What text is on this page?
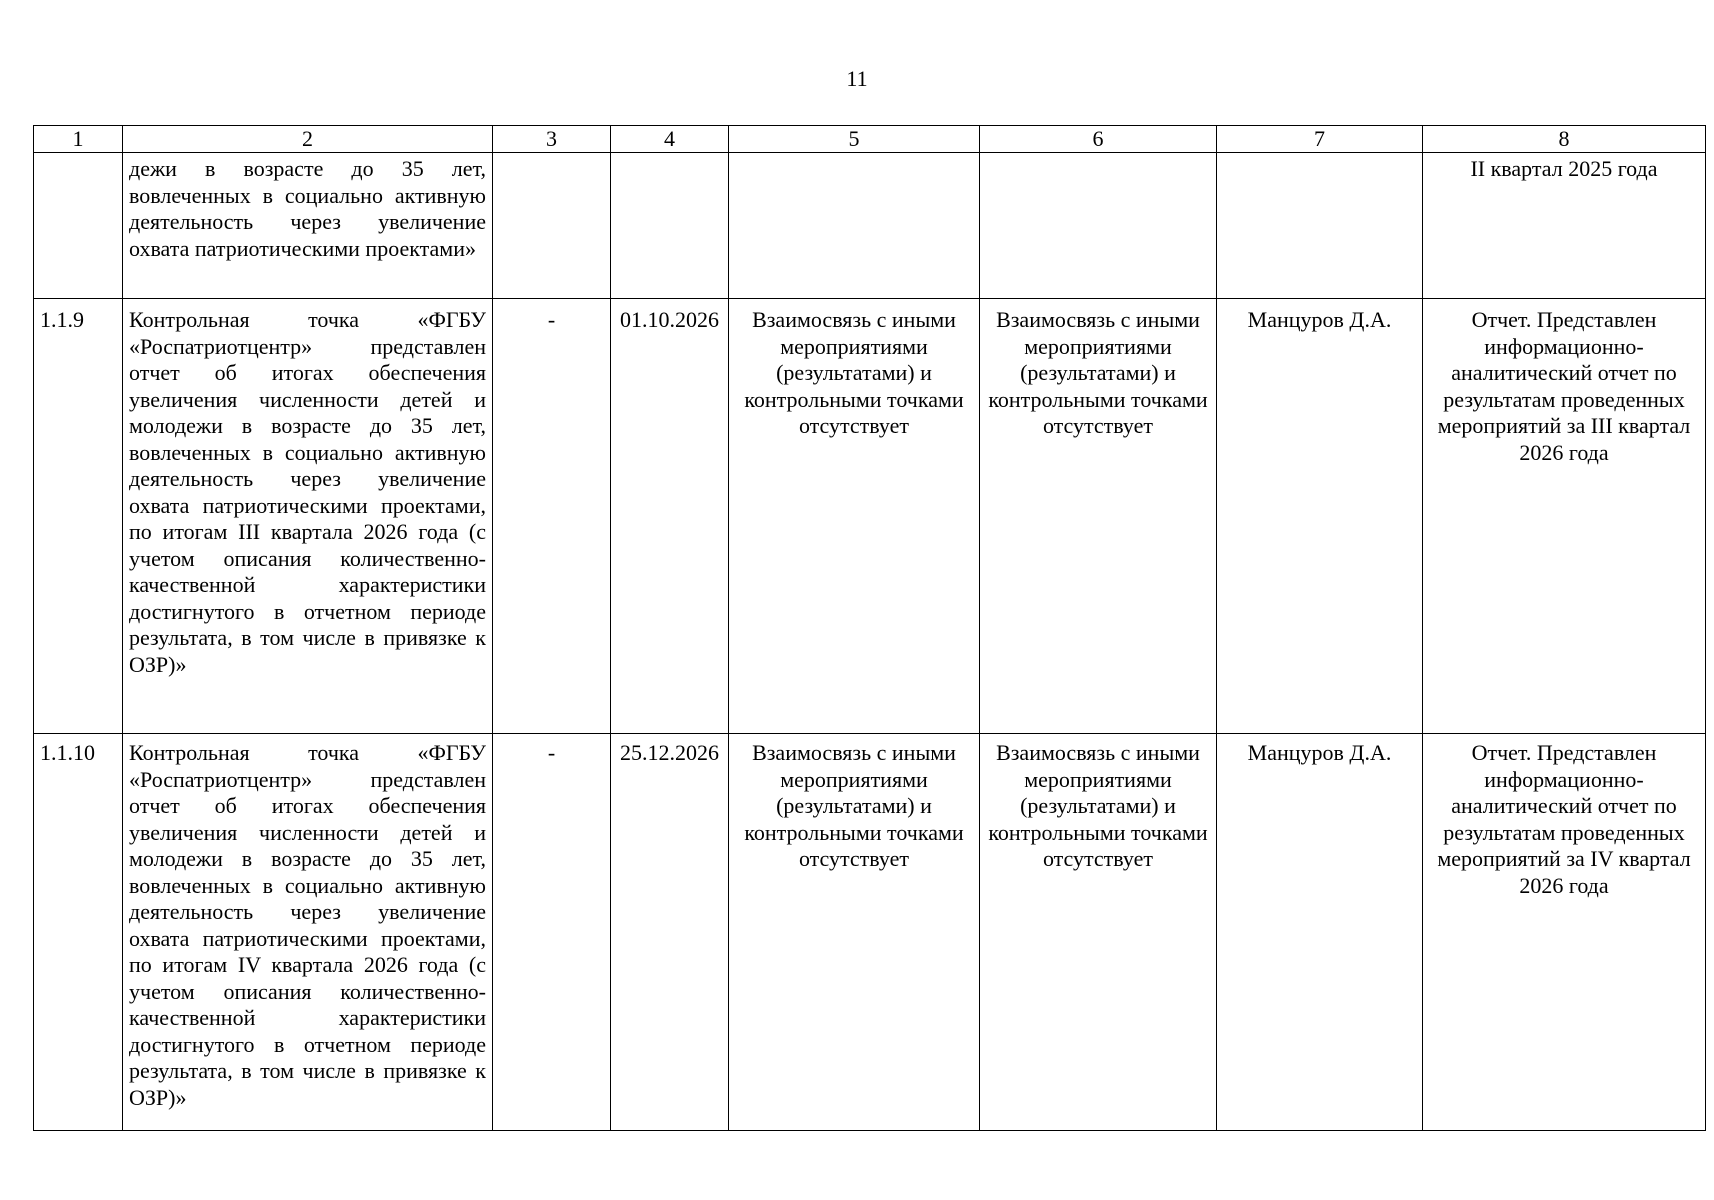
11
1	2	3	4	5	6	7	8
	дежи в возрасте до 35 лет, вовлеченных в социально активную деятельность через увеличение охвата патриотическими проектами»						II квартал 2025 года
1.1.9	Контрольная точка «ФГБУ «Роспатриотцентр» представлен отчет об итогах обеспечения увеличения численности детей и молодежи в возрасте до 35 лет, вовлеченных в социально активную деятельность через увеличение охвата патриотическими проектами, по итогам III квартала 2026 года (с учетом описания количественно-качественной характеристики достигнутого в отчетном периоде результата, в том числе в привязке к ОЗР)»	-	01.10.2026	Взаимосвязь с иными мероприятиями (результатами) и контрольными точками отсутствует	Взаимосвязь с иными мероприятиями (результатами) и контрольными точками отсутствует	Манцуров Д.А.	Отчет. Представлен информационно-аналитический отчет по результатам проведенных мероприятий за III квартал 2026 года
1.1.10	Контрольная точка «ФГБУ «Роспатриотцентр» представлен отчет об итогах обеспечения увеличения численности детей и молодежи в возрасте до 35 лет, вовлеченных в социально активную деятельность через увеличение охвата патриотическими проектами, по итогам IV квартала 2026 года (с учетом описания количественно-качественной характеристики достигнутого в отчетном периоде результата, в том числе в привязке к ОЗР)»	-	25.12.2026	Взаимосвязь с иными мероприятиями (результатами) и контрольными точками отсутствует	Взаимосвязь с иными мероприятиями (результатами) и контрольными точками отсутствует	Манцуров Д.А.	Отчет. Представлен информационно-аналитический отчет по результатам проведенных мероприятий за IV квартал 2026 года
